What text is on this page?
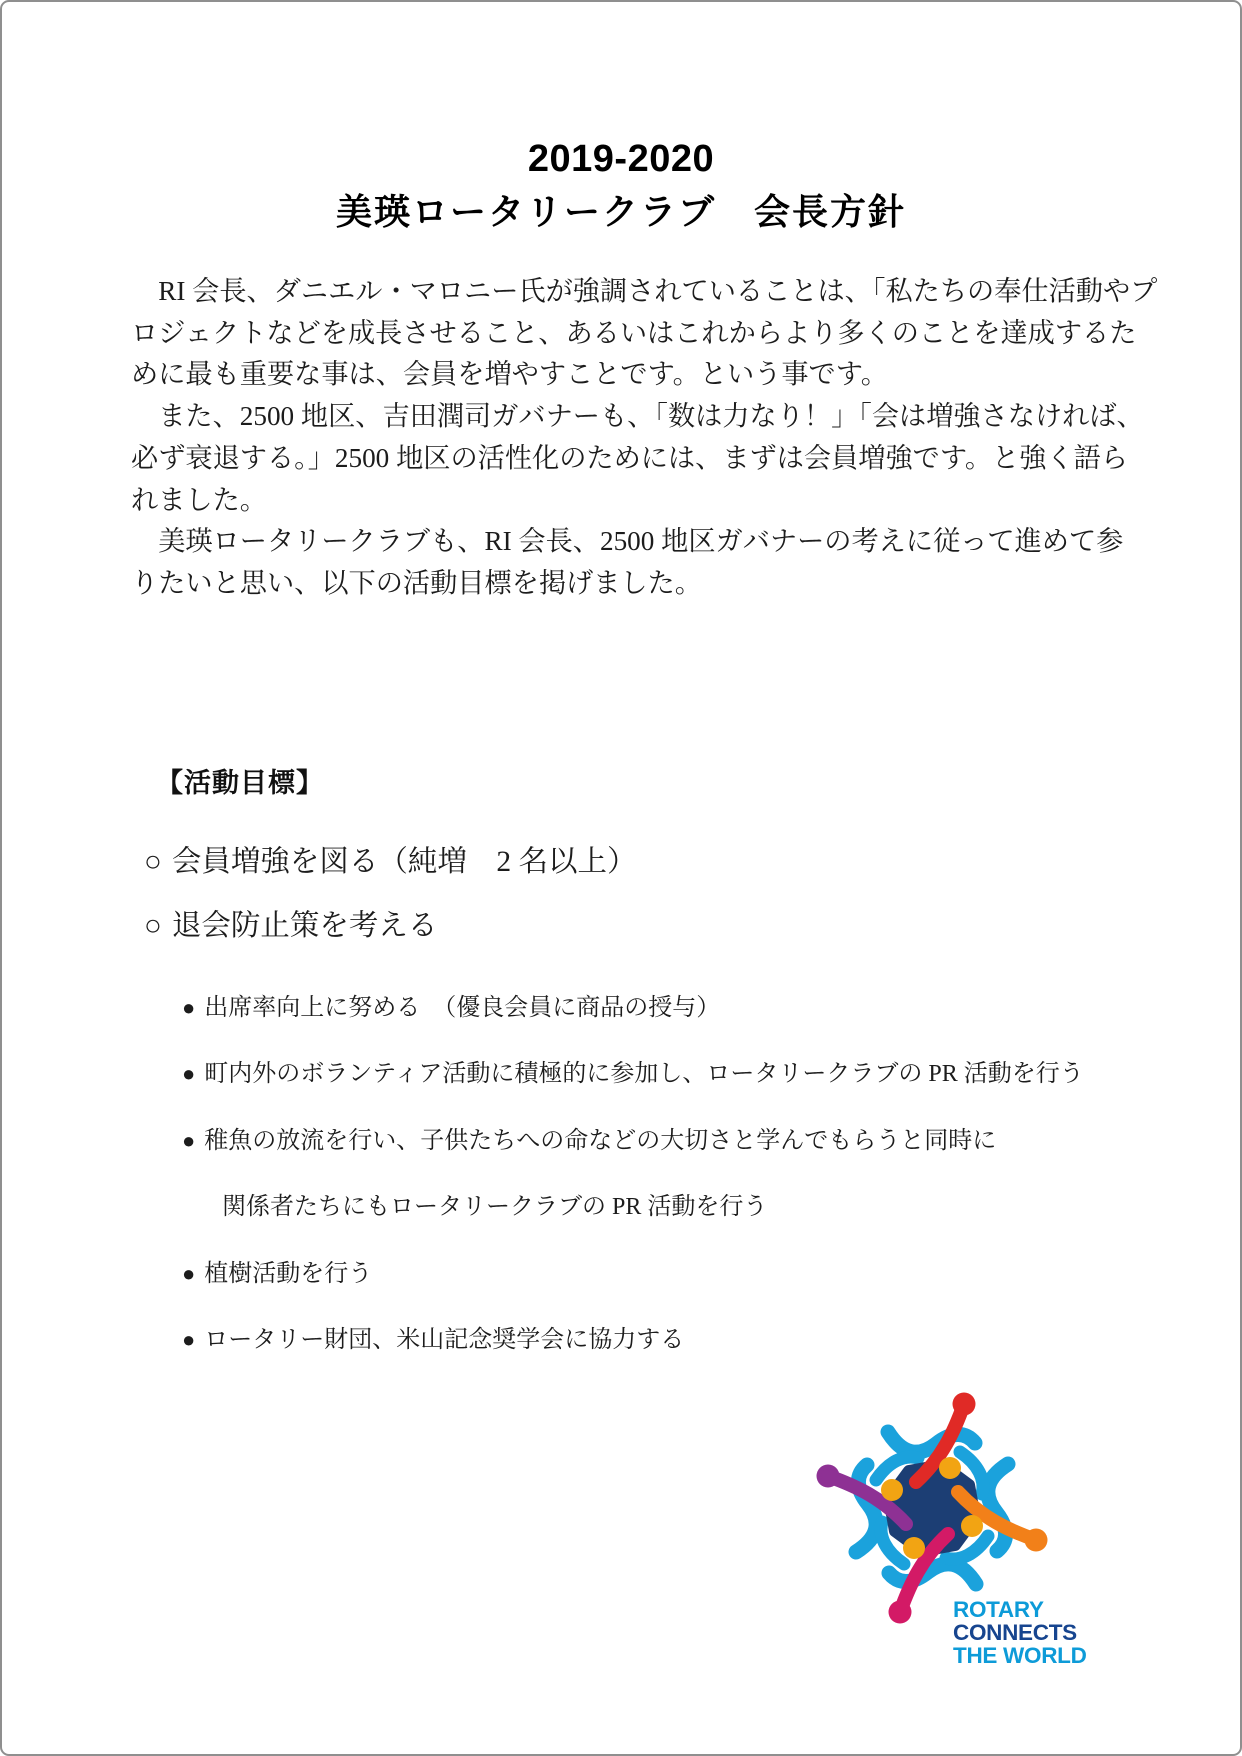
2019-2020
美瑛ロータリークラブ　会長方針
　RI 会長、ダニエル・マロニー氏が強調されていることは、「私たちの奉仕活動やプ
ロジェクトなどを成長させること、あるいはこれからより多くのことを達成するた
めに最も重要な事は、会員を増やすことです。という事です。
　また、2500 地区、吉田潤司ガバナーも、「数は力なり！」「会は増強さなければ、
必ず衰退する。」2500 地区の活性化のためには、まずは会員増強です。と強く語ら
れました。
　美瑛ロータリークラブも、RI 会長、2500 地区ガバナーの考えに従って進めて参
りたいと思い、以下の活動目標を掲げました。
【活動目標】
○ 会員増強を図る（純増　2 名以上）
○ 退会防止策を考える
● 出席率向上に努める　（優良会員に商品の授与）
● 町内外のボランティア活動に積極的に参加し、ロータリークラブの PR 活動を行う
● 稚魚の放流を行い、子供たちへの命などの大切さと学んでもらうと同時に
関係者たちにもロータリークラブの PR 活動を行う
● 植樹活動を行う
● ロータリー財団、米山記念奨学会に協力する
ROTARY
CONNECTS
THE WORLD
